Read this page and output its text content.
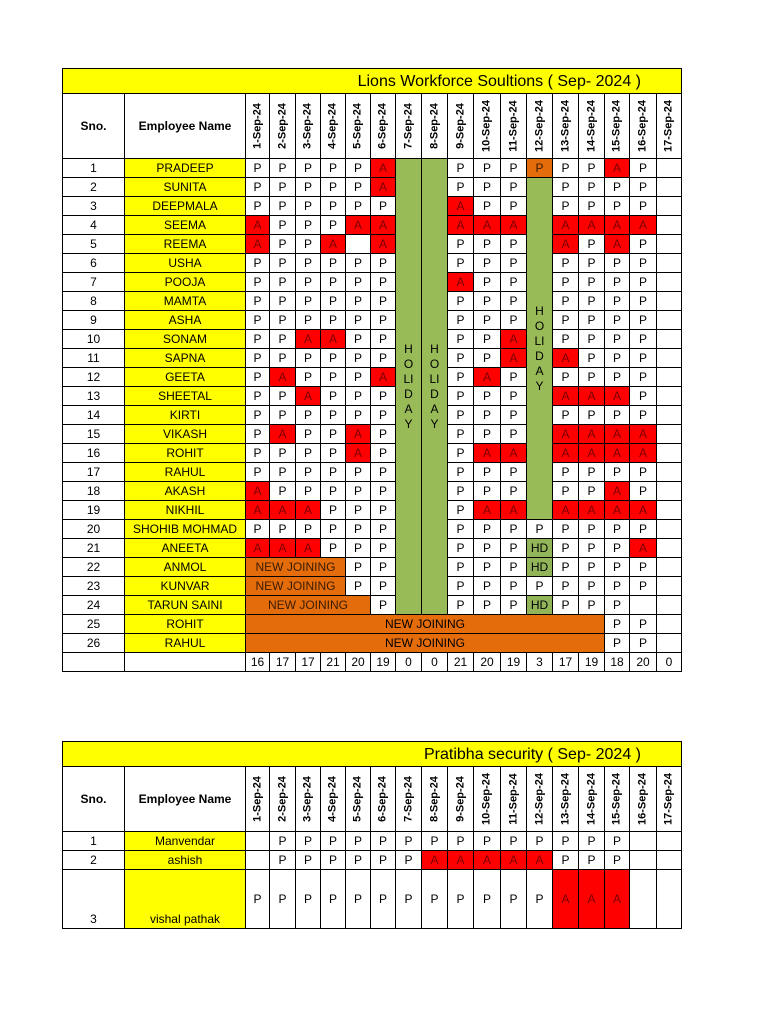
Lions Workforce Soultions ( Sep- 2024 )																		
Sno.	Employee Name	1-Sep-24	2-Sep-24	3-Sep-24	4-Sep-24	5-Sep-24	6-Sep-24	7-Sep-24	8-Sep-24	9-Sep-24	10-Sep-24	11-Sep-24	12-Sep-24	13-Sep-24	14-Sep-24	15-Sep-24	16-Sep-24	17-Sep-24

1	PRADEEP	P	P	P	P	P	A	HOLIDAY	HOLIDAY	P	P	P	P	P	P	A	P	
2	SUNITA	P	P	P	P	P	A			P	P	P	HOLIDAY	P	P	P	P	
3	DEEPMALA	P	P	P	P	P	P			A	P	P		P	P	P	P	
4	SEEMA	A	P	P	P	A	A			A	A	A		A	A	A	A	
5	REEMA	A	P	P	A		A			P	P	P		A	P	A	P	
6	USHA	P	P	P	P	P	P			P	P	P		P	P	P	P	
7	POOJA	P	P	P	P	P	P			A	P	P		P	P	P	P	
8	MAMTA	P	P	P	P	P	P			P	P	P		P	P	P	P	
9	ASHA	P	P	P	P	P	P			P	P	P		P	P	P	P	
10	SONAM	P	P	A	A	P	P			P	P	A		P	P	P	P	
11	SAPNA	P	P	P	P	P	P			P	P	A		A	P	P	P	
12	GEETA	P	A	P	P	P	A			P	A	P		P	P	P	P	
13	SHEETAL	P	P	A	P	P	P			P	P	P		A	A	A	P	
14	KIRTI	P	P	P	P	P	P			P	P	P		P	P	P	P	
15	VIKASH	P	A	P	P	A	P			P	P	P		A	A	A	A	
16	ROHIT	P	P	P	P	A	P			P	A	A		A	A	A	A	
17	RAHUL	P	P	P	P	P	P			P	P	P		P	P	P	P	
18	AKASH	A	P	P	P	P	P			P	P	P		P	P	A	P	
19	NIKHIL	A	A	A	P	P	P			P	A	A		A	A	A	A	
20	SHOHIB MOHMAD	P	P	P	P	P	P			P	P	P	P	P	P	P	P	
21	ANEETA	A	A	A	P	P	P			P	P	P	HD	P	P	P	A	
22	ANMOL	NEW JOINING				P	P			P	P	P	HD	P	P	P	P	
23	KUNVAR	NEW JOINING				P	P			P	P	P	P	P	P	P	P	
24	TARUN SAINI	NEW JOINING					P			P	P	P	HD	P	P	P		
25	ROHIT	NEW JOINING														P	P	
26	RAHUL	NEW JOINING														P	P	
		16	17	17	21	20	19	0	0	21	20	19	3	17	19	18	20	0
Pratibha security ( Sep- 2024 )																		
Sno.	Employee Name	1-Sep-24	2-Sep-24	3-Sep-24	4-Sep-24	5-Sep-24	6-Sep-24	7-Sep-24	8-Sep-24	9-Sep-24	10-Sep-24	11-Sep-24	12-Sep-24	13-Sep-24	14-Sep-24	15-Sep-24	16-Sep-24	17-Sep-24

1	Manvendar		P	P	P	P	P	P	P	P	P	P	P	P	P	P		
2	ashish		P	P	P	P	P	P	A	A	A	A	A	P	P	P		
3	vishal pathak	P	P	P	P	P	P	P	P	P	P	P	P	A	A	A		
